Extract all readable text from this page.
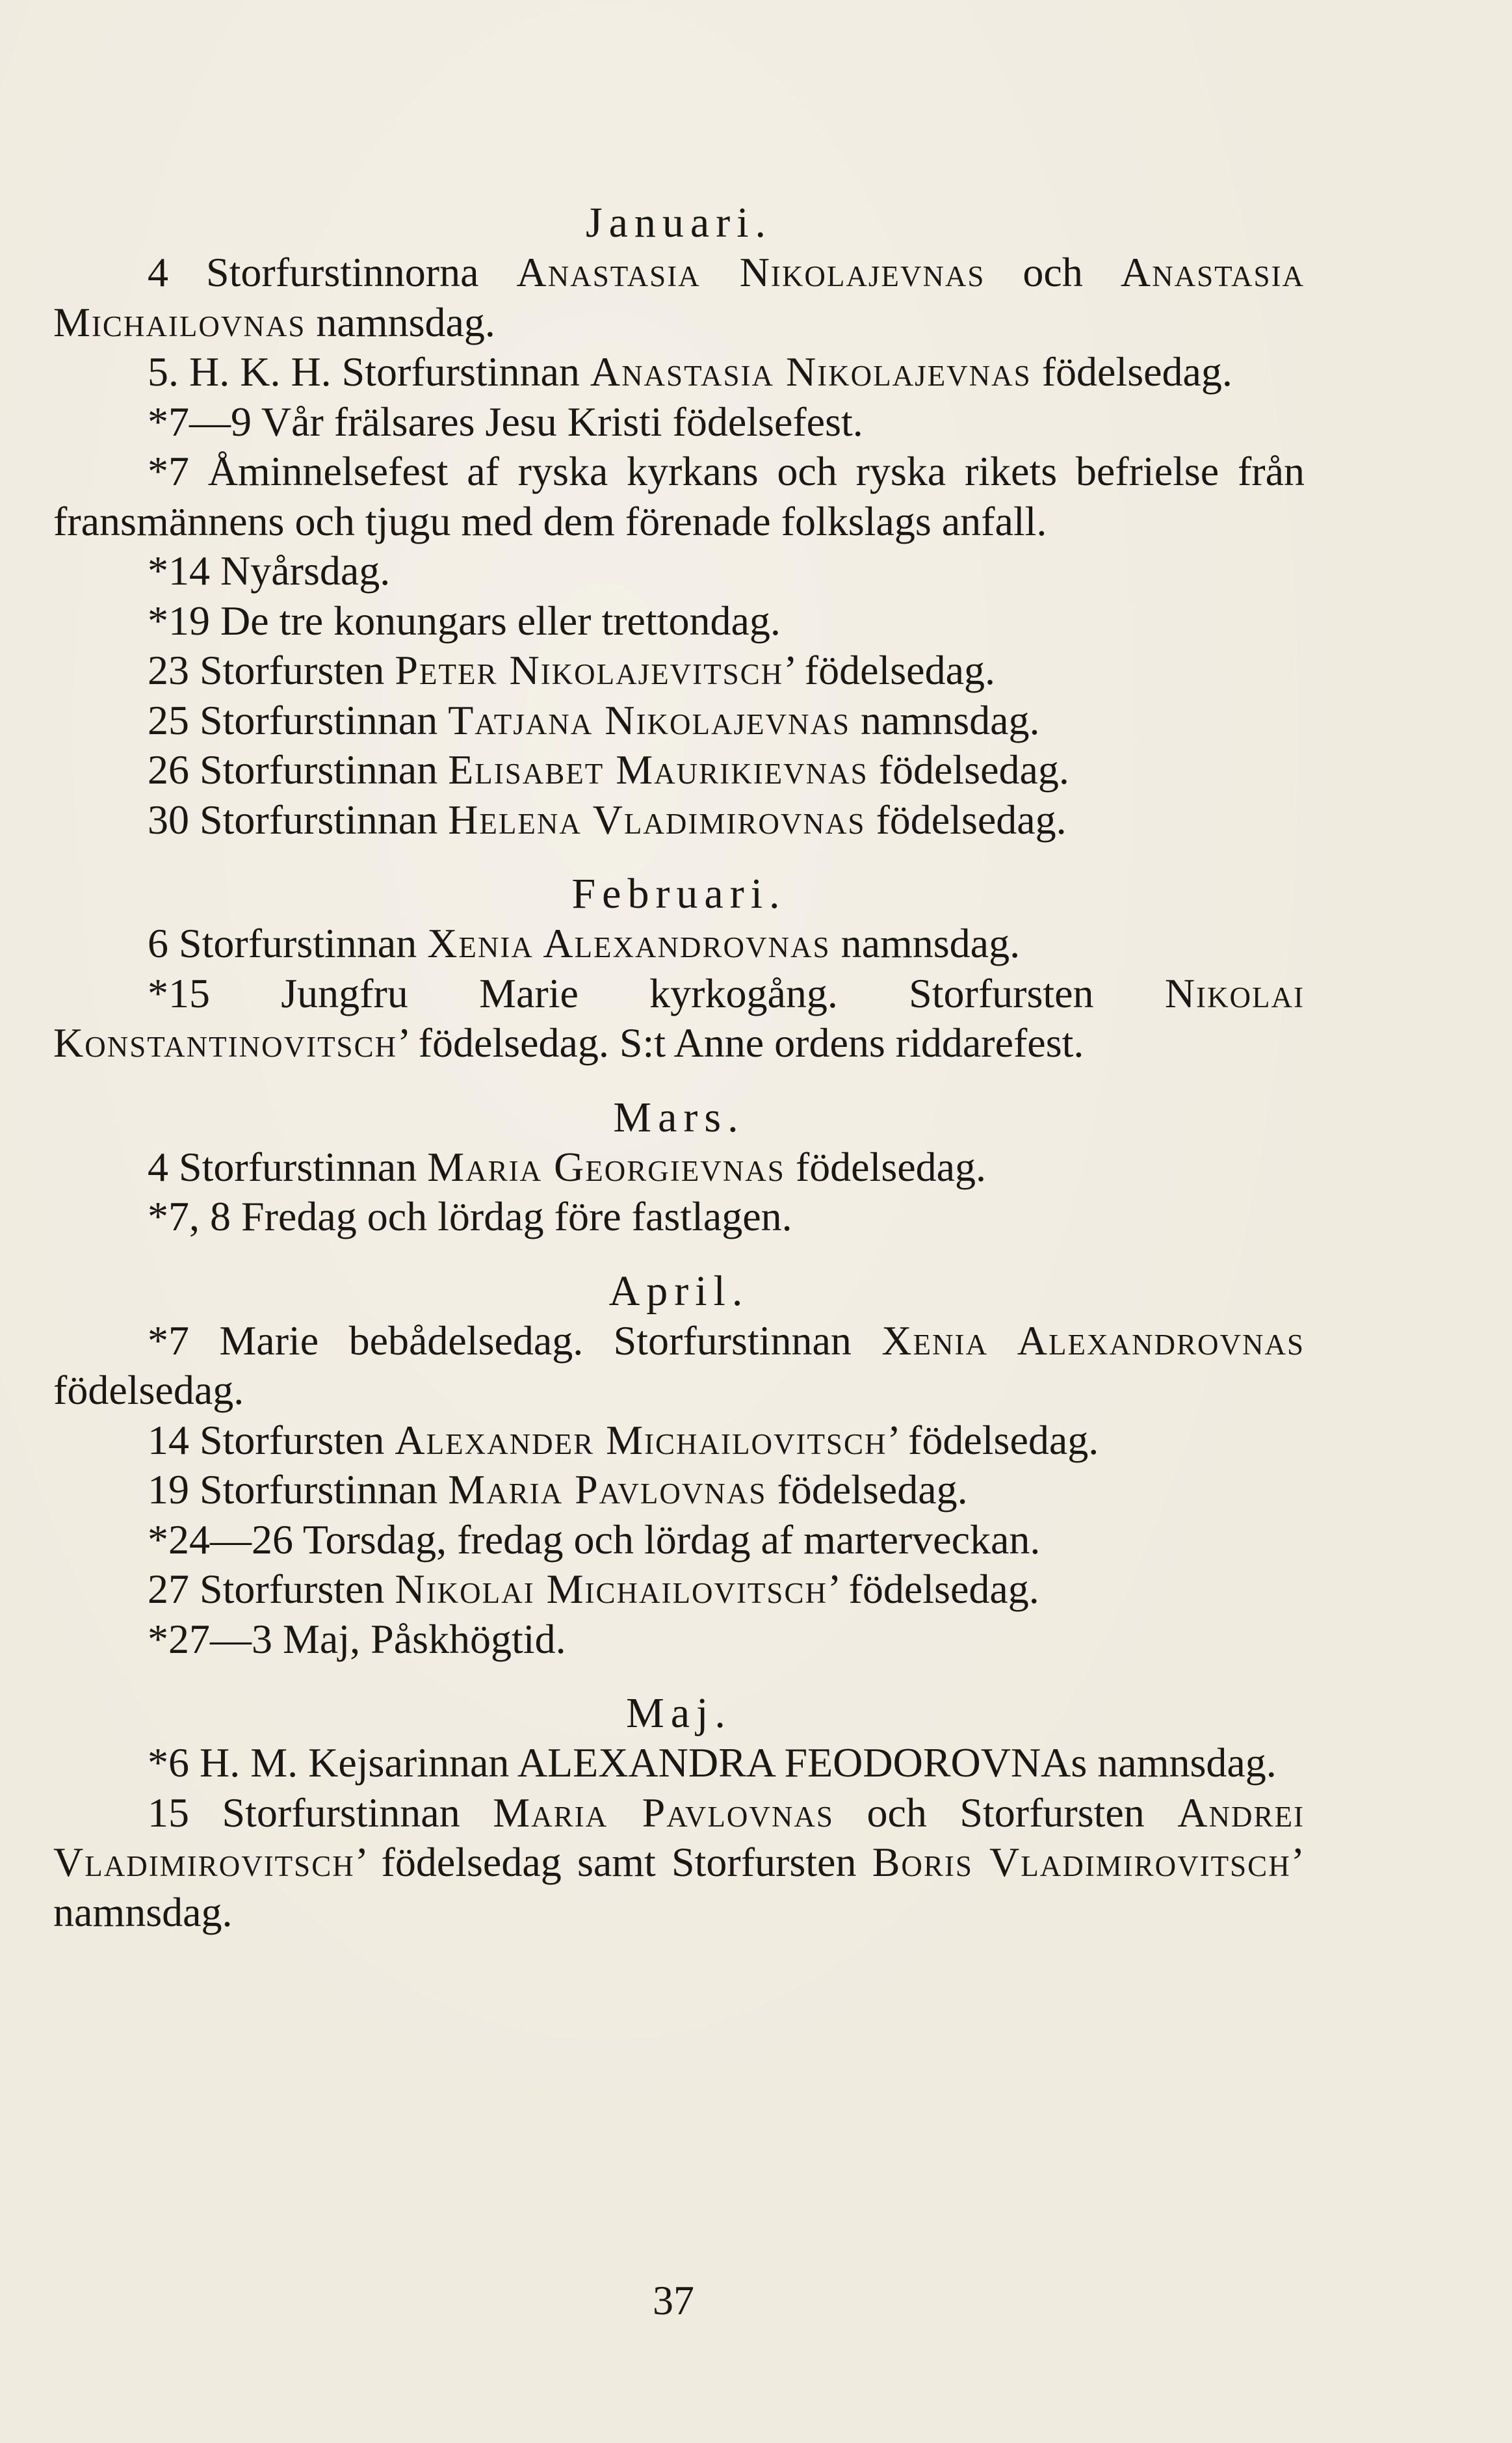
Januari.

4 Storfurstinnorna Anastasia Nikolajevnas och Anastasia Michailovnas namnsdag.

5. H. K. H. Storfurstinnan Anastasia Nikolajevnas födelsedag.

*7—9 Vår frälsares Jesu Kristi födelsefest.

*7 Åminnelsefest af ryska kyrkans och ryska rikets befrielse från fransmännens och tjugu med dem förenade folkslags anfall.

*14 Nyårsdag.

*19 De tre konungars eller trettondag.

23 Storfursten Peter Nikolajevitsch’ födelsedag.

25 Storfurstinnan Tatjana Nikolajevnas namnsdag.

26 Storfurstinnan Elisabet Maurikievnas födelsedag.

30 Storfurstinnan Helena Vladimirovnas födelsedag.

Februari.

6 Storfurstinnan Xenia Alexandrovnas namnsdag.

*15 Jungfru Marie kyrkogång. Storfursten Nikolai Konstantinovitsch’ födelsedag. S:t Anne ordens riddarefest.

Mars.

4 Storfurstinnan Maria Georgievnas födelsedag.

*7, 8 Fredag och lördag före fastlagen.

April.

*7 Marie bebådelsedag. Storfurstinnan Xenia Alexandrovnas födelsedag.

14 Storfursten Alexander Michailovitsch’ födelsedag.

19 Storfurstinnan Maria Pavlovnas födelsedag.

*24—26 Torsdag, fredag och lördag af marterveckan.

27 Storfursten Nikolai Michailovitsch’ födelsedag.

*27—3 Maj, Påskhögtid.

Maj.

*6 H. M. Kejsarinnan ALEXANDRA FEODOROVNAs namnsdag.

15 Storfurstinnan Maria Pavlovnas och Storfursten Andrei Vladimirovitsch’ födelsedag samt Storfursten Boris Vladimirovitsch’ namnsdag.

37
